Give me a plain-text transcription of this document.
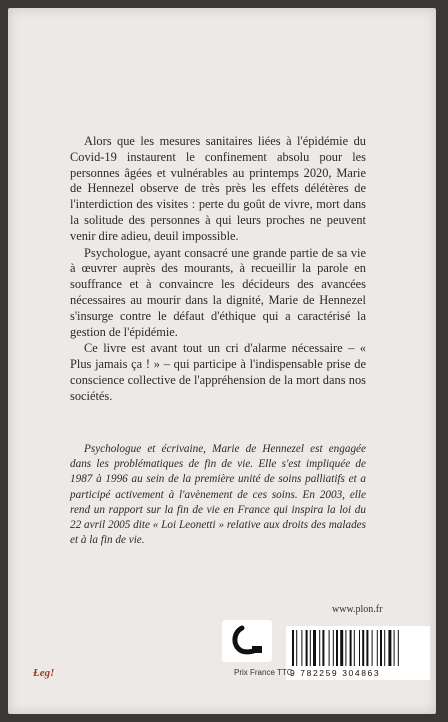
Alors que les mesures sanitaires liées à l'épidémie du Covid-19 instaurent le confinement absolu pour les personnes âgées et vulnérables au printemps 2020, Marie de Hennezel observe de très près les effets délétères de l'interdiction des visites : perte du goût de vivre, mort dans la solitude des personnes à qui leurs proches ne peuvent venir dire adieu, deuil impossible.

Psychologue, ayant consacré une grande partie de sa vie à œuvrer auprès des mourants, à recueillir la parole en souffrance et à convaincre les décideurs des avancées nécessaires au mourir dans la dignité, Marie de Hennezel s'insurge contre le défaut d'éthique qui a caractérisé la gestion de l'épidémie.

Ce livre est avant tout un cri d'alarme nécessaire – « Plus jamais ça ! » – qui participe à l'indispensable prise de conscience collective de l'appréhension de la mort dans nos sociétés.

Psychologue et écrivaine, Marie de Hennezel est engagée dans les problématiques de fin de vie. Elle s'est impliquée de 1987 à 1996 au sein de la première unité de soins palliatifs et a participé activement à l'avènement de ces soins. En 2003, elle rend un rapport sur la fin de vie en France qui inspira la loi du 22 avril 2005 dite « Loi Leonetti » relative aux droits des malades et à la fin de vie.

www.plon.fr
9 782259 304863
Prix France TTC
Ɫeg!
